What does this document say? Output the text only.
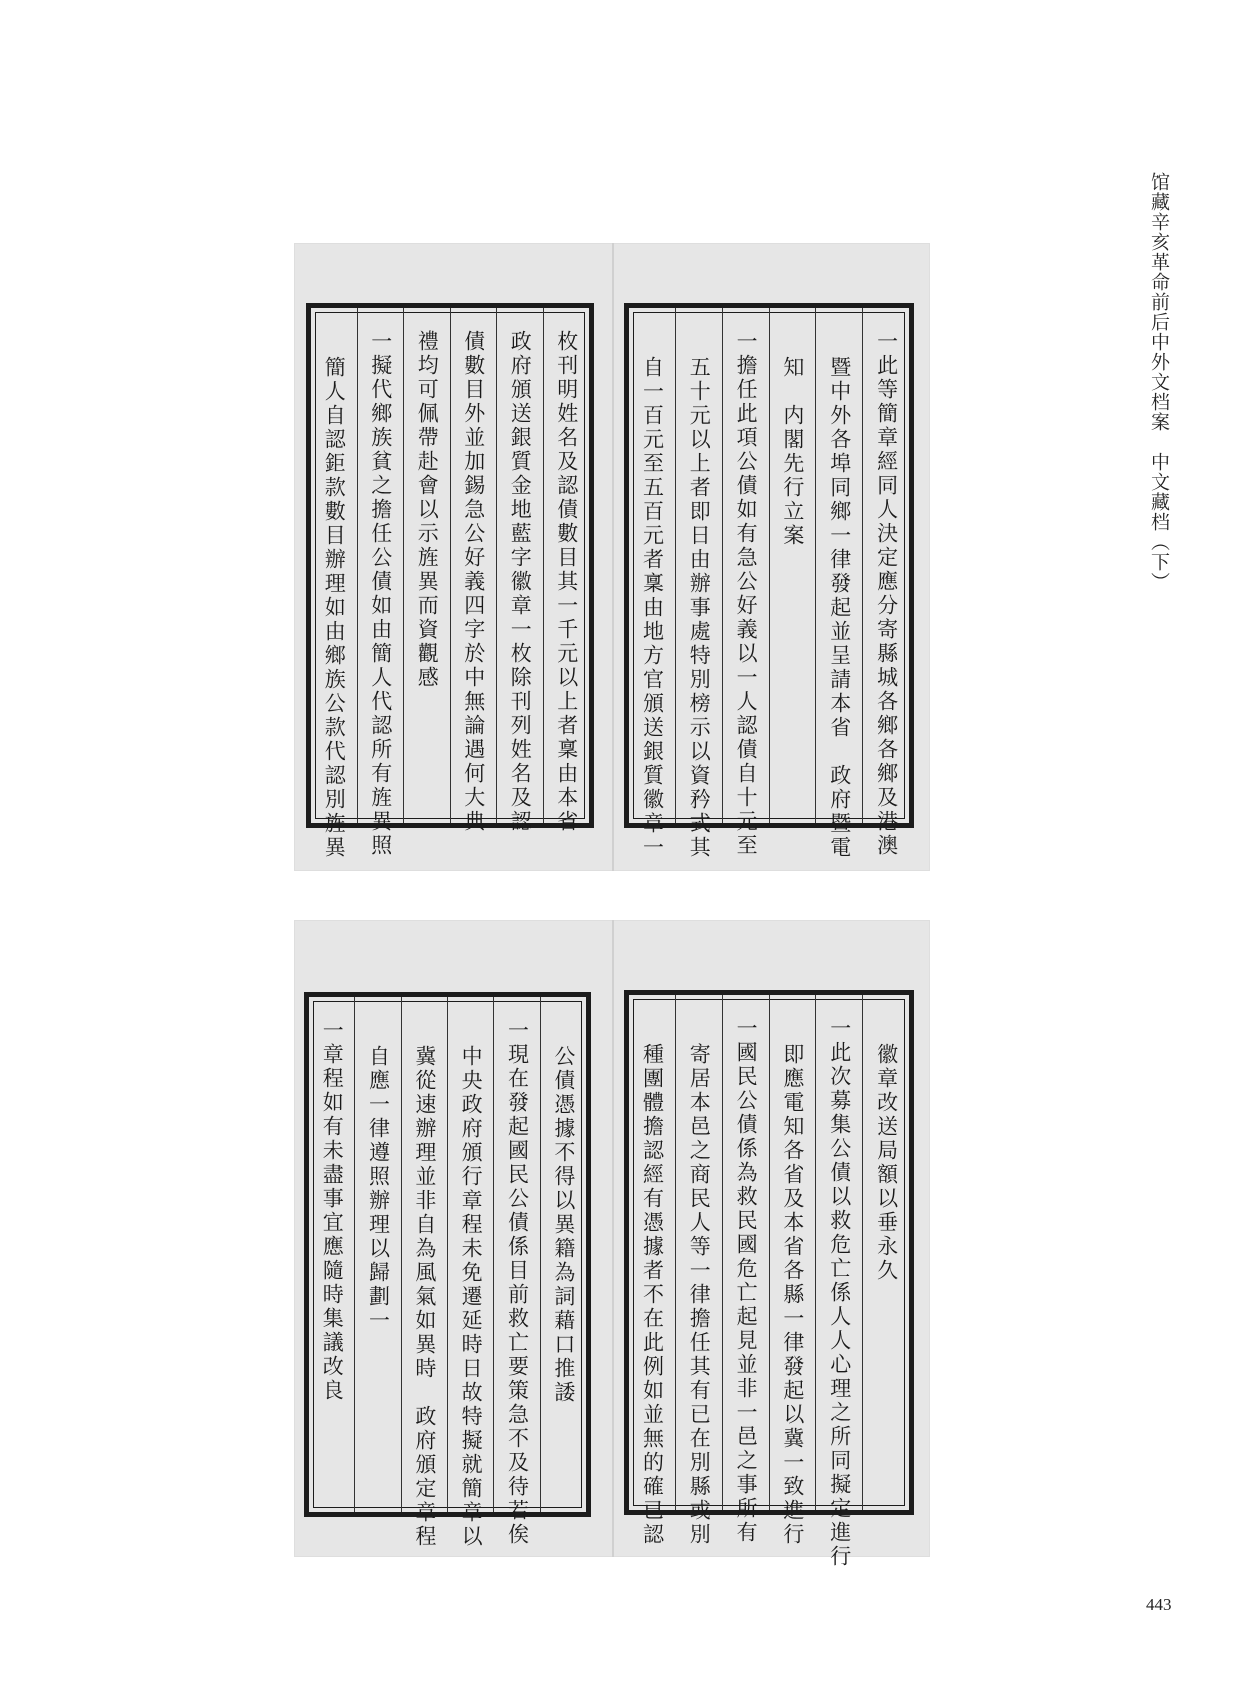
馆藏辛亥革命前后中外文档案　中文藏档（下）
枚刊明姓名及認債數目其一千元以上者稟由本省
政府頒送銀質金地藍字徽章一枚除刊列姓名及認
債數目外並加錫急公好義四字於中無論遇何大典
禮均可佩帶赴會以示旌異而資觀感
一擬代鄉族貧之擔任公債如由簡人代認所有旌異照
簡人自認鉅款數目辦理如由鄉族公款代認別旌異	一此等簡章經同人決定應分寄縣城各鄉各鄉及港澳
暨中外各埠同鄉一律發起並呈請本省　政府暨電
知　内閣先行立案
一擔任此項公債如有急公好義以一人認債自十元至
五十元以上者即日由辦事處特別榜示以資矜式其
自一百元至五百元者稟由地方官頒送銀質徽章一
公債憑據不得以異籍為詞藉口推諉
一現在發起國民公債係目前救亡要策急不及待若俟
中央政府頒行章程未免遷延時日故特擬就簡章以
冀從速辦理並非自為風氣如異時　政府頒定章程
自應一律遵照辦理以歸劃一
一章程如有未盡事宜應隨時集議改良	徽章改送局額以垂永久
一此次募集公債以救危亡係人人心理之所同擬定進行
即應電知各省及本省各縣一律發起以冀一致進行
一國民公債係為救民國危亡起見並非一邑之事所有
寄居本邑之商民人等一律擔任其有已在別縣或別
種團體擔認經有憑據者不在此例如並無的確已認
443
